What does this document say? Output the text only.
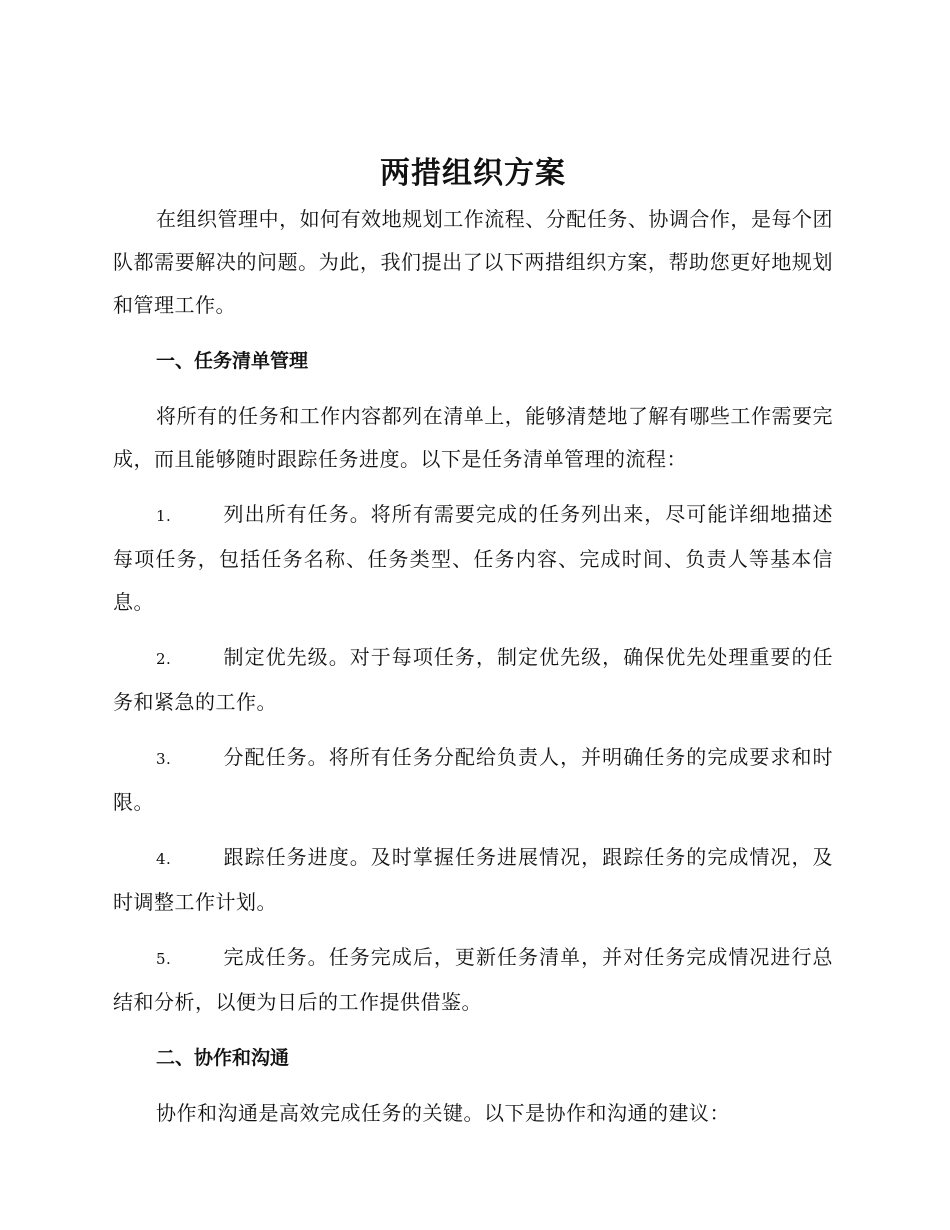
两措组织方案

在组织管理中，如何有效地规划工作流程、分配任务、协调合作，是每个团队都需要解决的问题。为此，我们提出了以下两措组织方案，帮助您更好地规划和管理工作。

一、任务清单管理

将所有的任务和工作内容都列在清单上，能够清楚地了解有哪些工作需要完成，而且能够随时跟踪任务进度。以下是任务清单管理的流程：

1.	列出所有任务。将所有需要完成的任务列出来，尽可能详细地描述每项任务，包括任务名称、任务类型、任务内容、完成时间、负责人等基本信息。

2.	制定优先级。对于每项任务，制定优先级，确保优先处理重要的任务和紧急的工作。

3.	分配任务。将所有任务分配给负责人，并明确任务的完成要求和时限。

4.	跟踪任务进度。及时掌握任务进展情况，跟踪任务的完成情况，及时调整工作计划。

5.	完成任务。任务完成后，更新任务清单，并对任务完成情况进行总结和分析，以便为日后的工作提供借鉴。

二、协作和沟通

协作和沟通是高效完成任务的关键。以下是协作和沟通的建议：
